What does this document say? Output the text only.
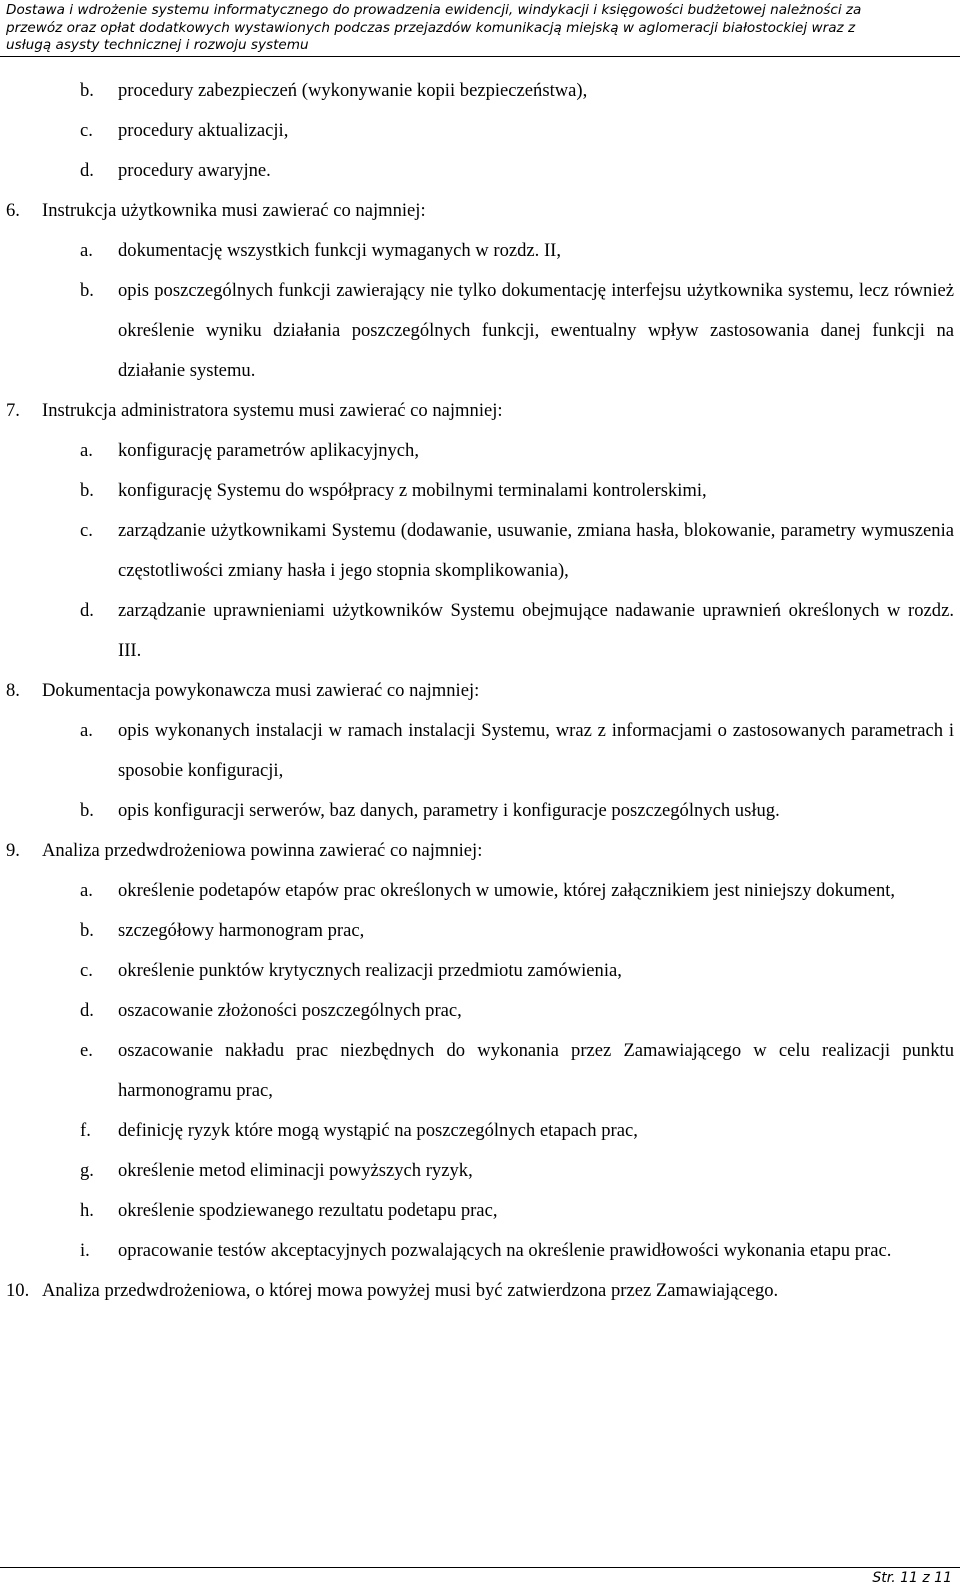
Dostawa i wdrożenie systemu informatycznego do prowadzenia ewidencji, windykacji i księgowości budżetowej należności za
przewóz oraz opłat dodatkowych wystawionych podczas przejazdów komunikacją miejską w aglomeracji białostockiej wraz z
usługą asysty technicznej i rozwoju systemu
b. procedury zabezpieczeń (wykonywanie kopii bezpieczeństwa),
c. procedury aktualizacji,
d. procedury awaryjne.
6. Instrukcja użytkownika musi zawierać co najmniej:
a. dokumentację wszystkich funkcji wymaganych w rozdz. II,
b. opis poszczególnych funkcji zawierający nie tylko dokumentację interfejsu użytkownika systemu, lecz również określenie wyniku działania poszczególnych funkcji, ewentualny wpływ zastosowania danej funkcji na działanie systemu.
7. Instrukcja administratora systemu musi zawierać co najmniej:
a. konfigurację parametrów aplikacyjnych,
b. konfigurację Systemu do współpracy z mobilnymi terminalami kontrolerskimi,
c. zarządzanie użytkownikami Systemu (dodawanie, usuwanie, zmiana hasła, blokowanie, parametry wymuszenia częstotliwości zmiany hasła i jego stopnia skomplikowania),
d. zarządzanie uprawnieniami użytkowników Systemu obejmujące nadawanie uprawnień określonych w rozdz. III.
8. Dokumentacja powykonawcza musi zawierać co najmniej:
a. opis wykonanych instalacji w ramach instalacji Systemu, wraz z informacjami o zastosowanych parametrach i sposobie konfiguracji,
b. opis konfiguracji serwerów, baz danych, parametry i konfiguracje poszczególnych usług.
9. Analiza przedwdrożeniowa powinna zawierać co najmniej:
a. określenie podetapów etapów prac określonych w umowie, której załącznikiem jest niniejszy dokument,
b. szczegółowy harmonogram prac,
c. określenie punktów krytycznych realizacji przedmiotu zamówienia,
d. oszacowanie złożoności poszczególnych prac,
e. oszacowanie nakładu prac niezbędnych do wykonania przez Zamawiającego w celu realizacji punktu harmonogramu prac,
f. definicję ryzyk które mogą wystąpić na poszczególnych etapach prac,
g. określenie metod eliminacji powyższych ryzyk,
h. określenie spodziewanego rezultatu podetapu prac,
i. opracowanie testów akceptacyjnych pozwalających na określenie prawidłowości wykonania etapu prac.
10. Analiza przedwdrożeniowa, o której mowa powyżej musi być zatwierdzona przez Zamawiającego.
Str. 11 z 11
